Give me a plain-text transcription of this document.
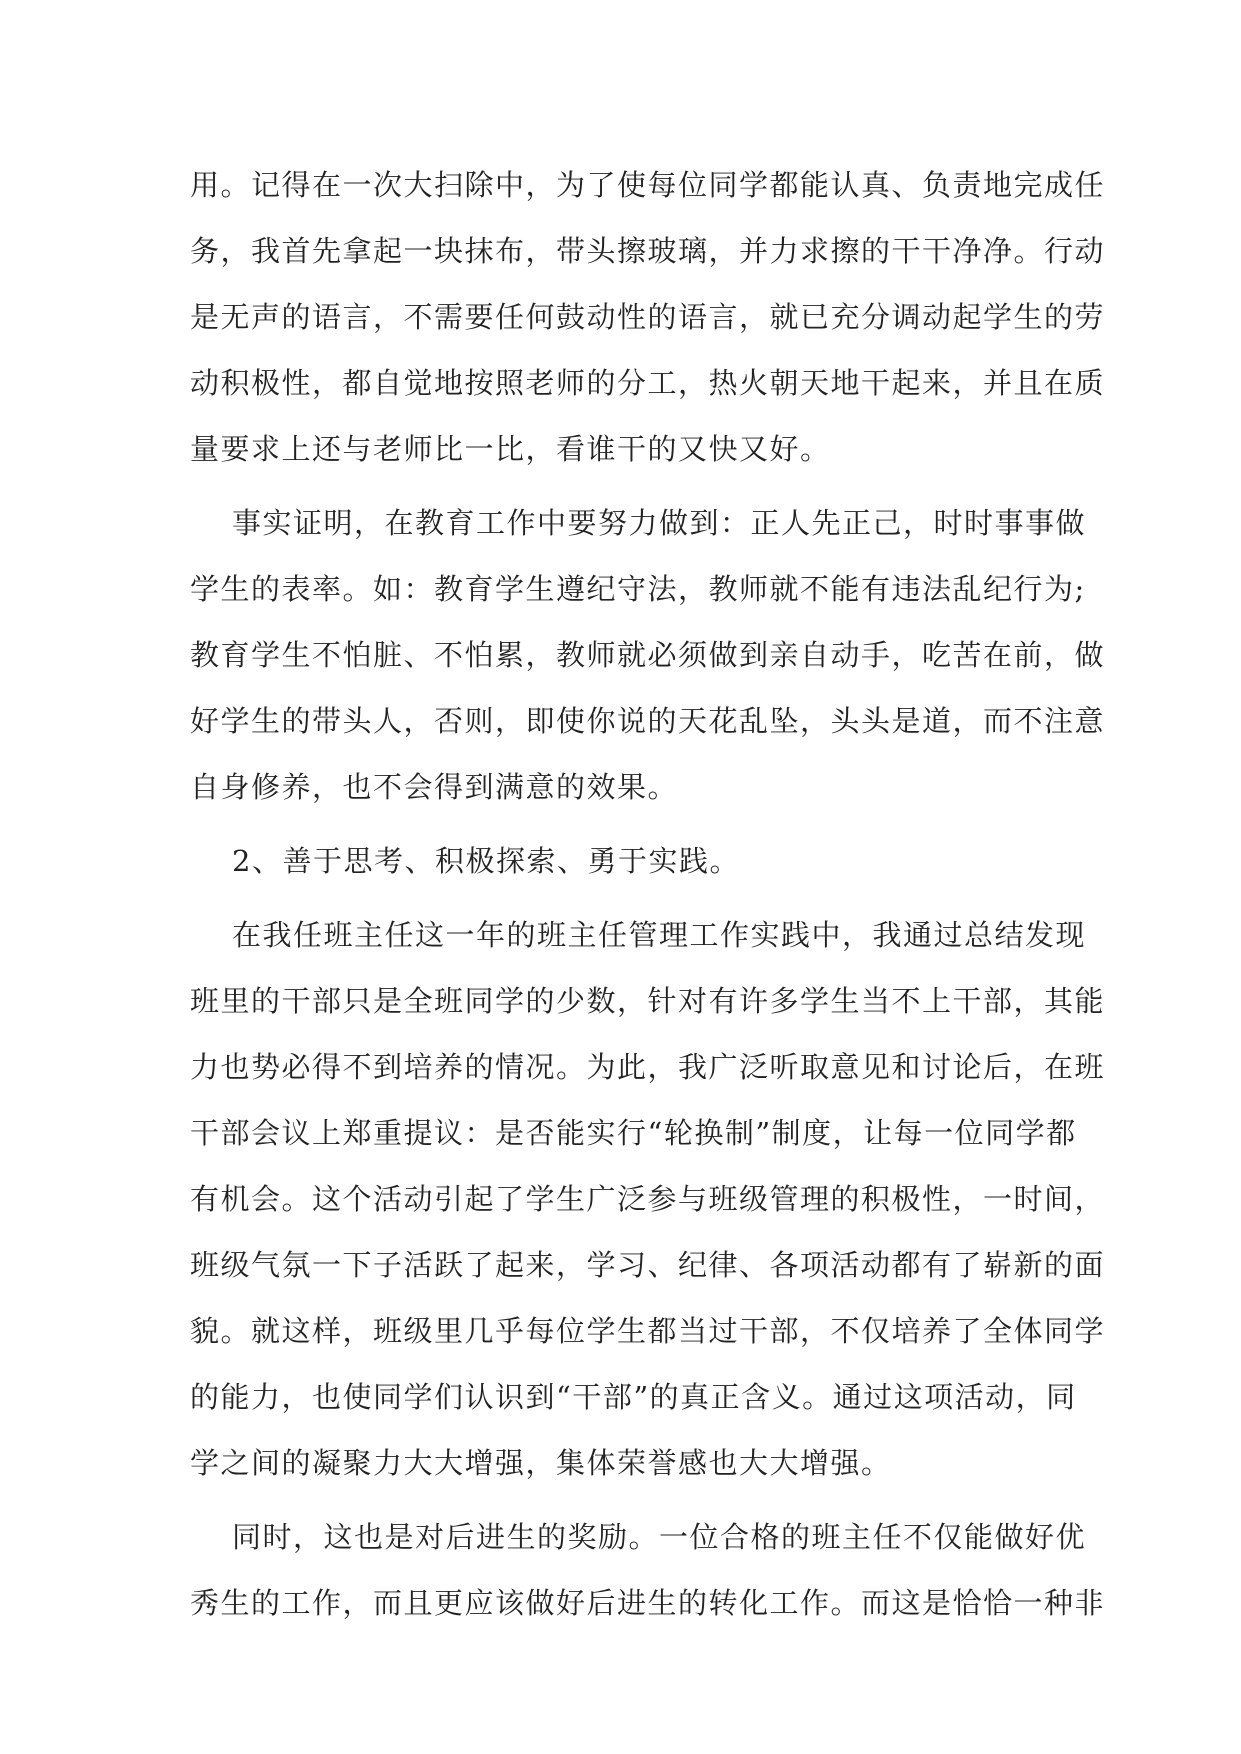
用。记得在一次大扫除中，为了使每位同学都能认真、负责地完成任
务，我首先拿起一块抹布，带头擦玻璃，并力求擦的干干净净。行动
是无声的语言，不需要任何鼓动性的语言，就已充分调动起学生的劳
动积极性，都自觉地按照老师的分工，热火朝天地干起来，并且在质
量要求上还与老师比一比，看谁干的又快又好。
事实证明，在教育工作中要努力做到：正人先正己，时时事事做
学生的表率。如：教育学生遵纪守法，教师就不能有违法乱纪行为;
教育学生不怕脏、不怕累，教师就必须做到亲自动手，吃苦在前，做
好学生的带头人，否则，即使你说的天花乱坠，头头是道，而不注意
自身修养，也不会得到满意的效果。
2、善于思考、积极探索、勇于实践。
在我任班主任这一年的班主任管理工作实践中，我通过总结发现
班里的干部只是全班同学的少数，针对有许多学生当不上干部，其能
力也势必得不到培养的情况。为此，我广泛听取意见和讨论后，在班
干部会议上郑重提议：是否能实行“轮换制”制度，让每一位同学都
有机会。这个活动引起了学生广泛参与班级管理的积极性，一时间，
班级气氛一下子活跃了起来，学习、纪律、各项活动都有了崭新的面
貌。就这样，班级里几乎每位学生都当过干部，不仅培养了全体同学
的能力，也使同学们认识到“干部”的真正含义。通过这项活动，同
学之间的凝聚力大大增强，集体荣誉感也大大增强。
同时，这也是对后进生的奖励。一位合格的班主任不仅能做好优
秀生的工作，而且更应该做好后进生的转化工作。而这是恰恰一种非
